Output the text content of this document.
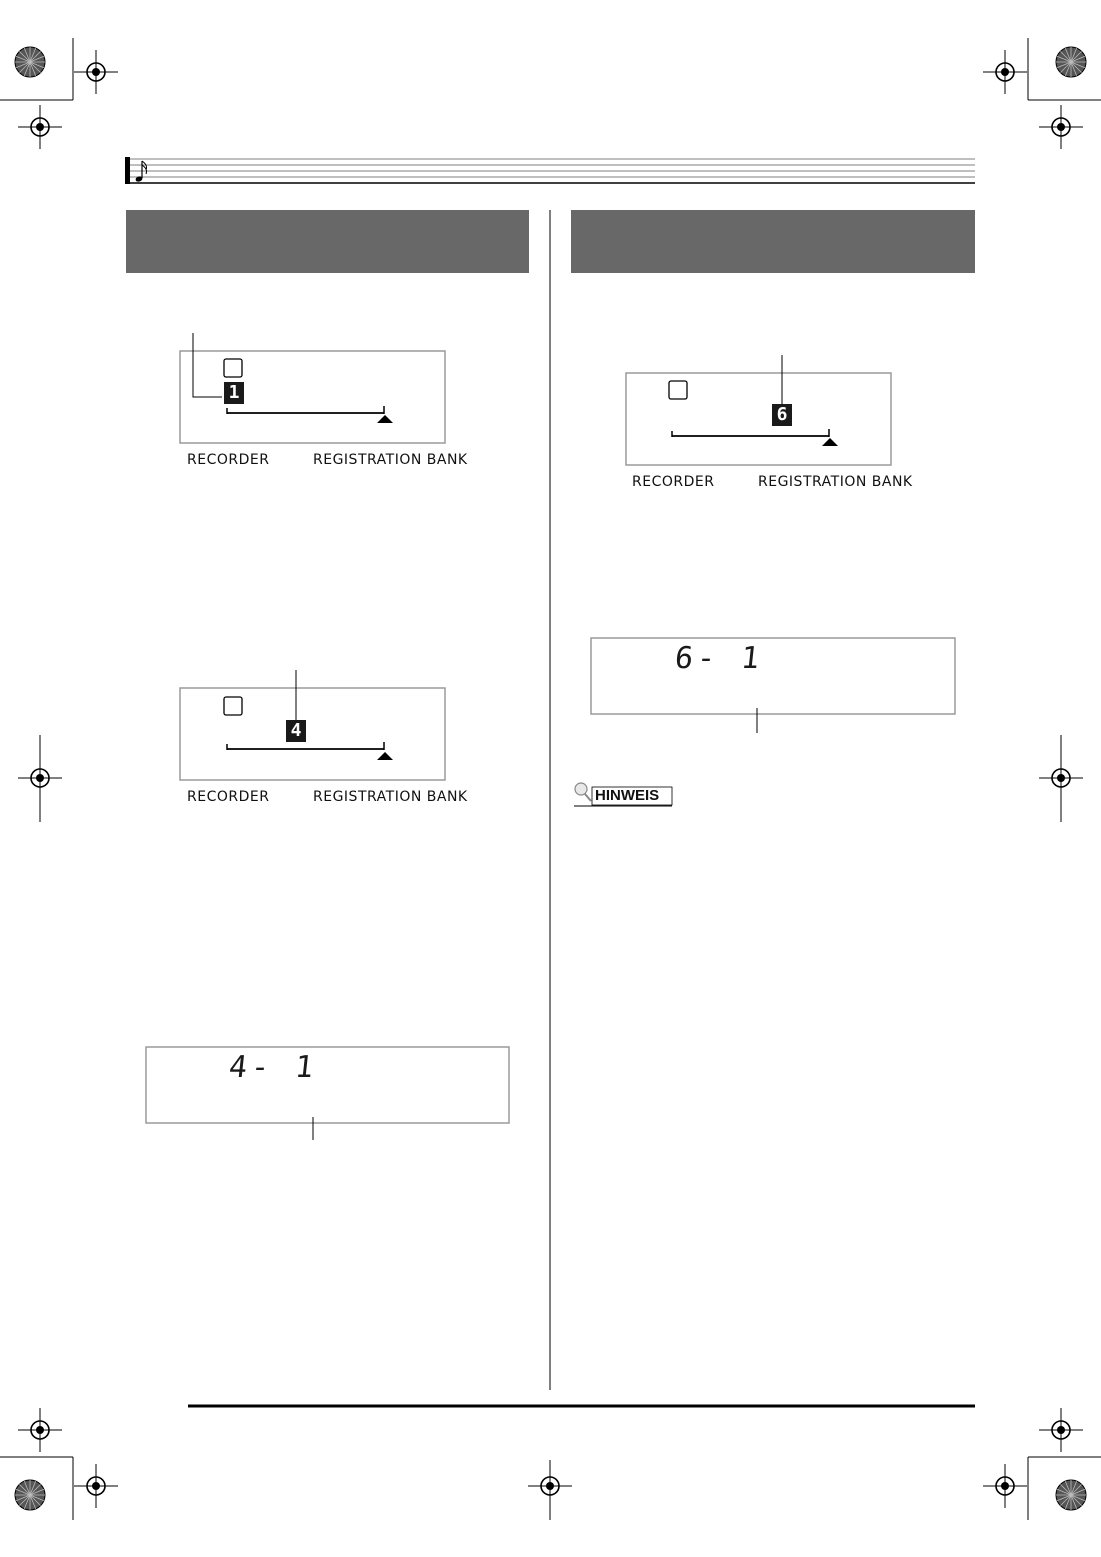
1
RECORDER	REGISTRATION BANK
4
RECORDER	REGISTRATION BANK
4- 1
6
RECORDER	REGISTRATION BANK
6- 1
HINWEIS
